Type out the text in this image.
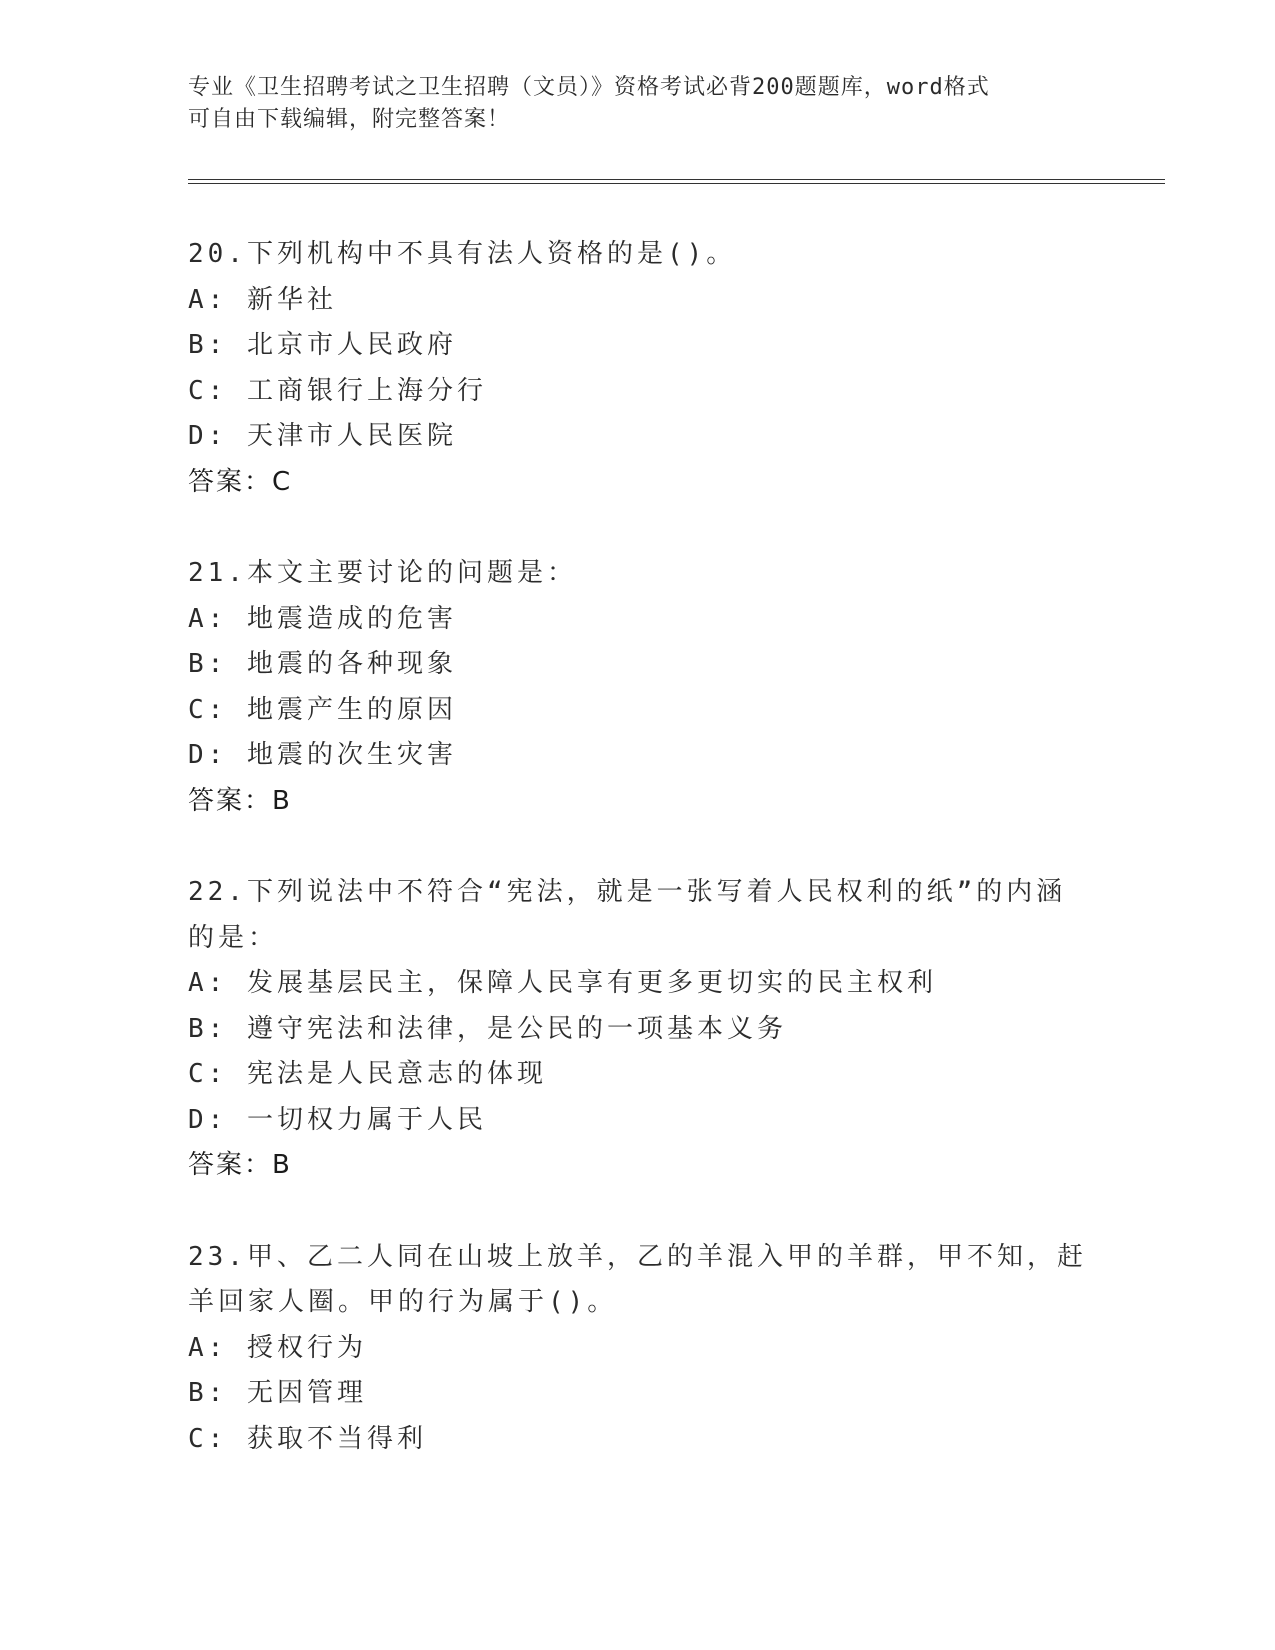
专业《卫生招聘考试之卫生招聘（文员）》资格考试必背200题题库，word格式
可自由下载编辑，附完整答案！
20.下列机构中不具有法人资格的是()。
A: 新华社
B: 北京市人民政府
C: 工商银行上海分行
D: 天津市人民医院
答案：C
21.本文主要讨论的问题是：
A: 地震造成的危害
B: 地震的各种现象
C: 地震产生的原因
D: 地震的次生灾害
答案：B
22.下列说法中不符合“宪法，就是一张写着人民权利的纸”的内涵的是：
A: 发展基层民主，保障人民享有更多更切实的民主权利
B: 遵守宪法和法律，是公民的一项基本义务
C: 宪法是人民意志的体现
D: 一切权力属于人民
答案：B
23.甲、乙二人同在山坡上放羊，乙的羊混入甲的羊群，甲不知，赶羊回家人圈。甲的行为属于()。
A: 授权行为
B: 无因管理
C: 获取不当得利
